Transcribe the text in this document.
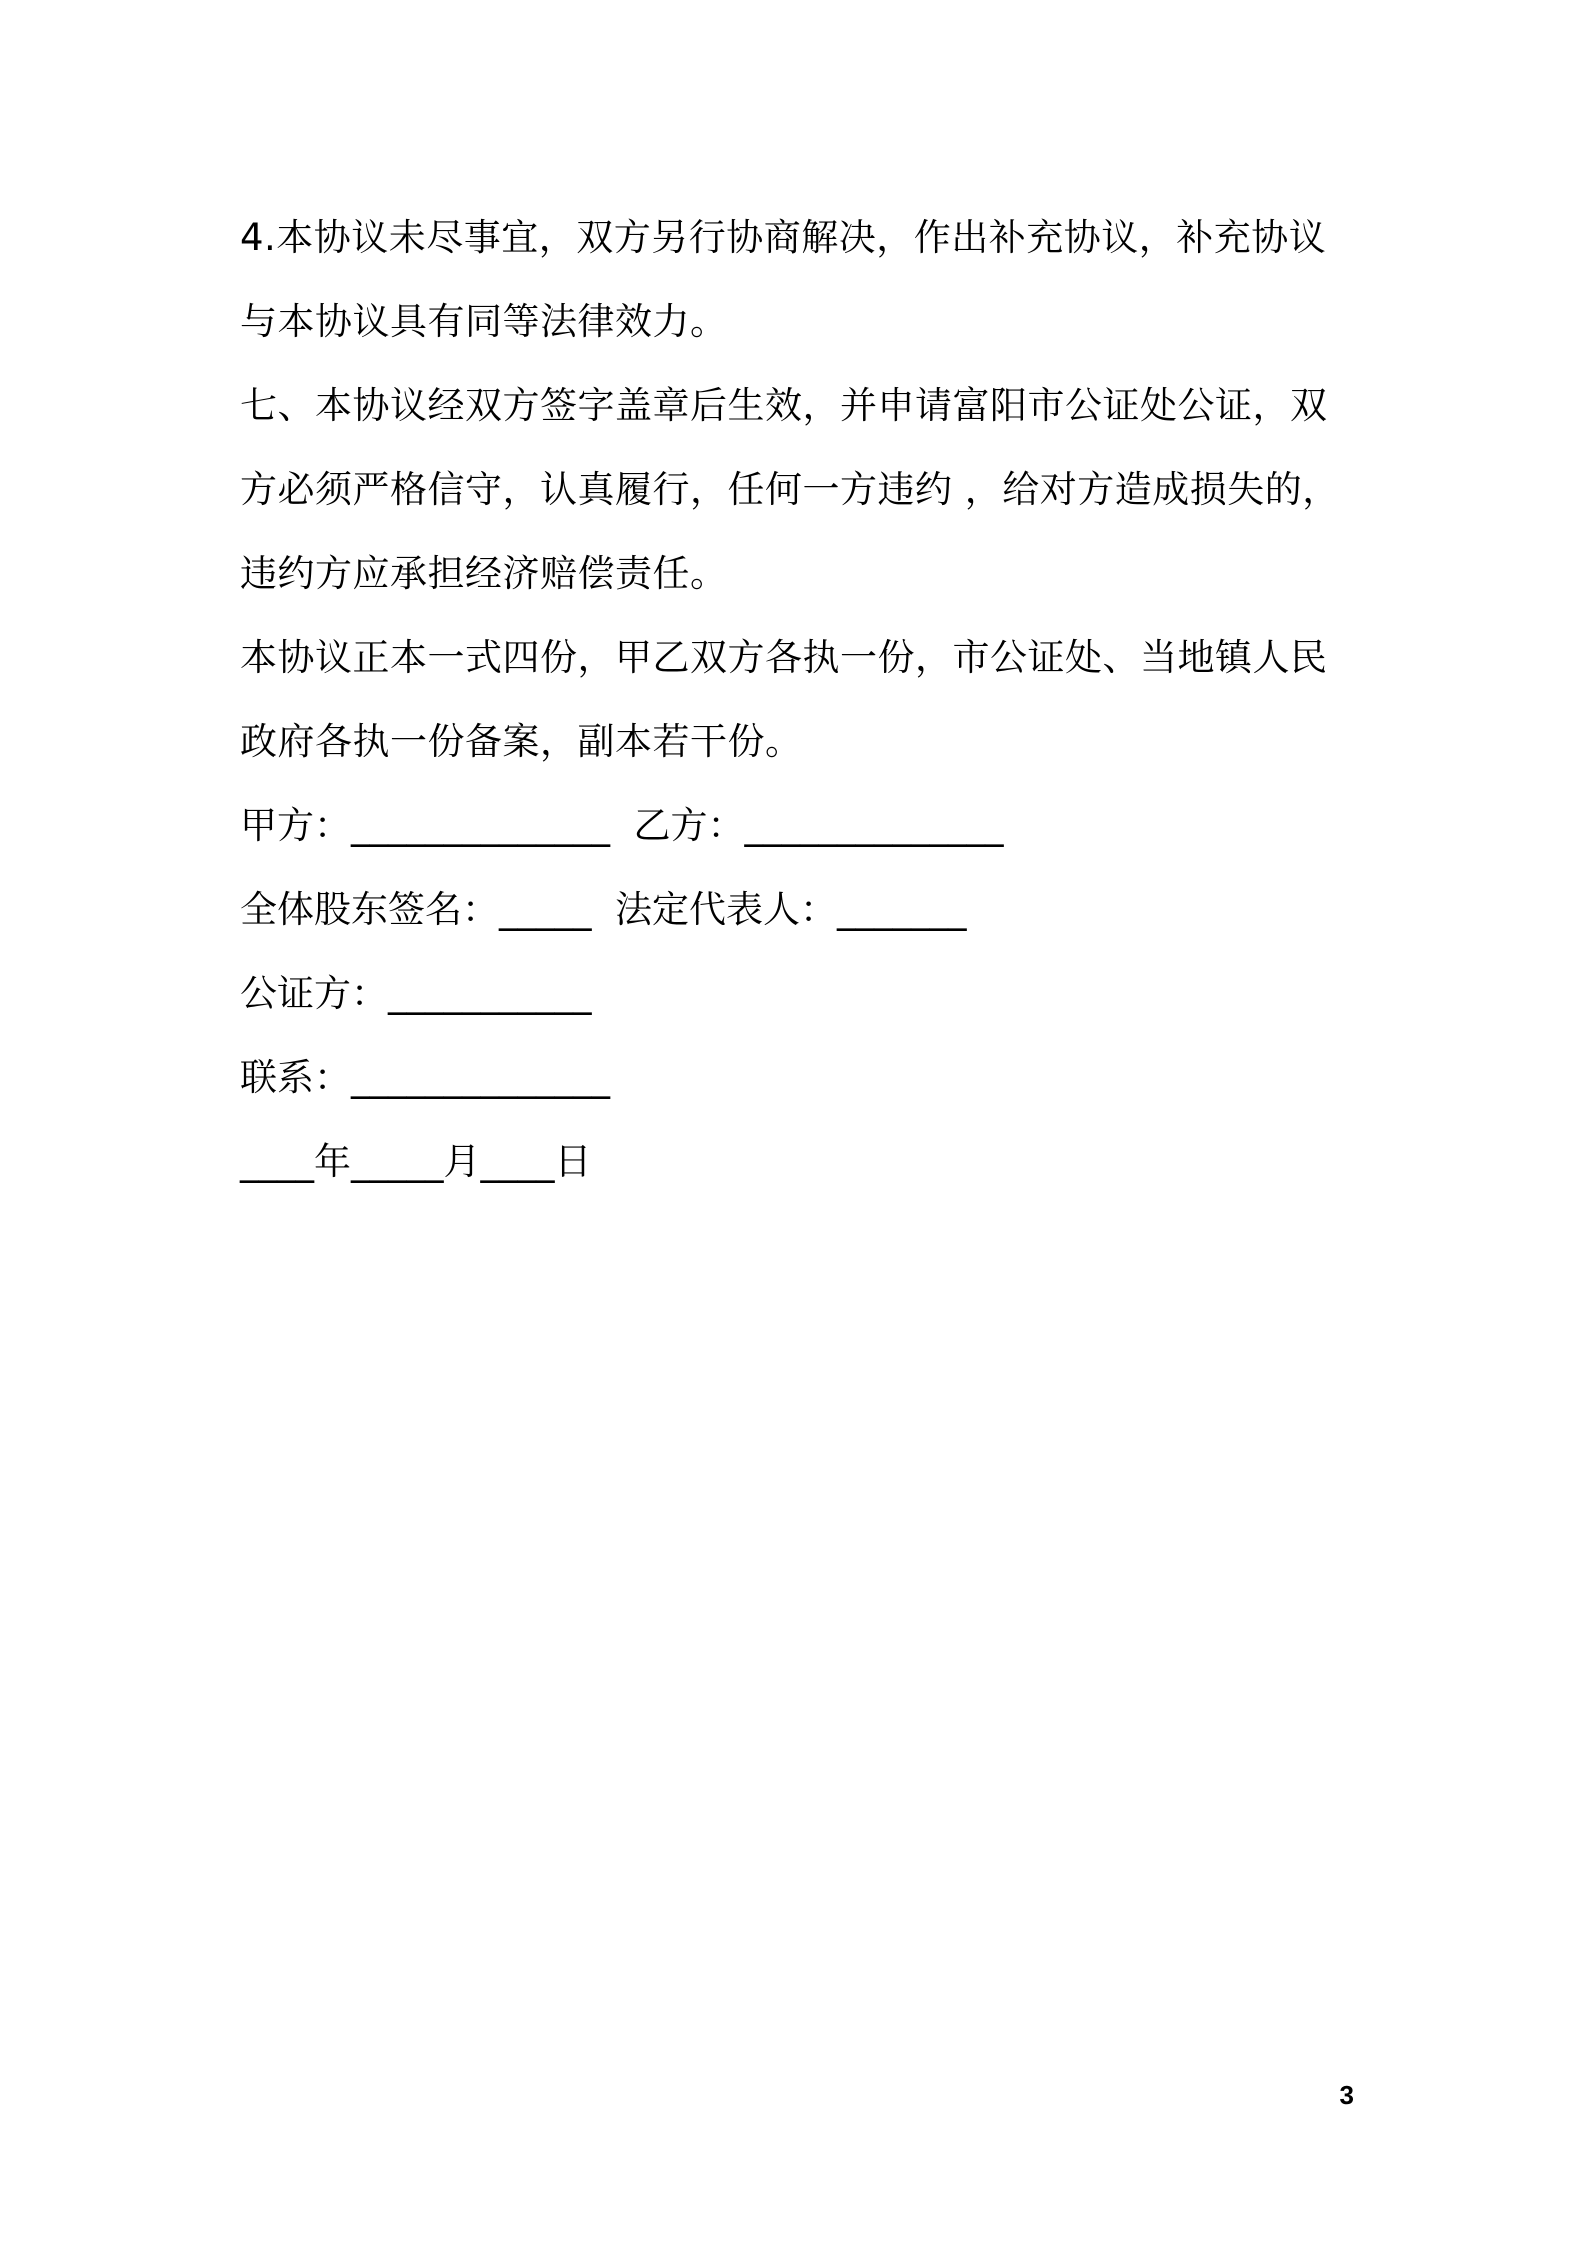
4.本协议未尽事宜，双方另行协商解决，作出补充协议，补充协议与本协议具有同等法律效力。

七、本协议经双方签字盖章后生效，并申请富阳市公证处公证，双方必须严格信守，认真履行，任何一方违约 ，给对方造成损失的，违约方应承担经济赔偿责任。

本协议正本一式四份，甲乙双方各执一份，市公证处、当地镇人民政府各执一份备案，副本若干份。

甲方：______________  乙方：______________

全体股东签名：_____  法定代表人：_______

公证方：___________

联系：______________

____年_____月____日

3
